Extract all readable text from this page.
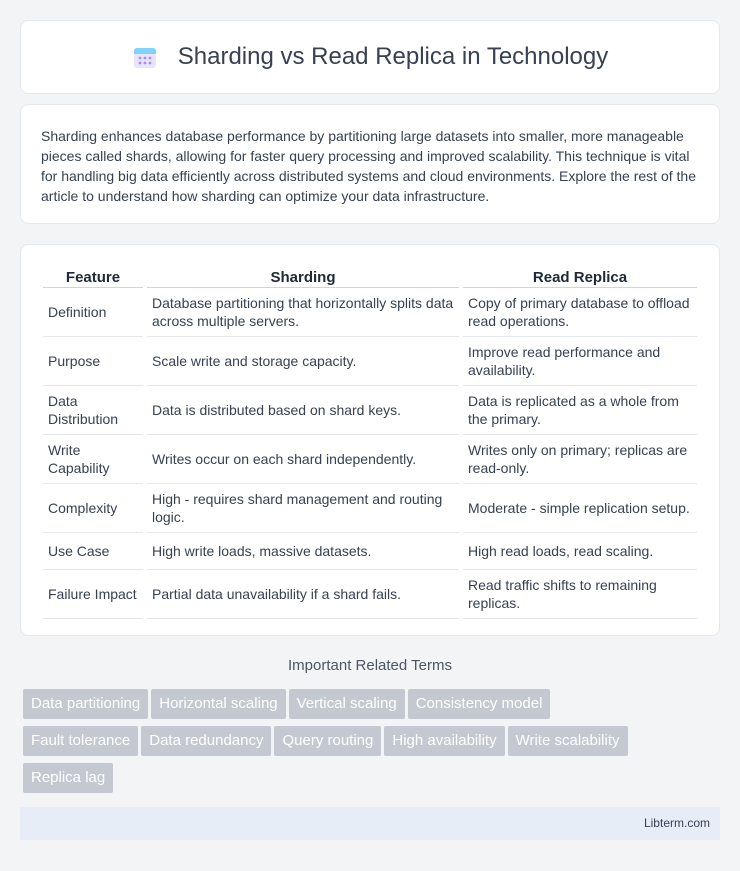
Sharding vs Read Replica in Technology

Sharding enhances database performance by partitioning large datasets into smaller, more manageable pieces called shards, allowing for faster query processing and improved scalability. This technique is vital for handling big data efficiently across distributed systems and cloud environments. Explore the rest of the article to understand how sharding can optimize your data infrastructure.

Feature	Sharding	Read Replica
Definition	Database partitioning that horizontally splits data across multiple servers.	Copy of primary database to offload read operations.
Purpose	Scale write and storage capacity.	Improve read performance and availability.
Data Distribution	Data is distributed based on shard keys.	Data is replicated as a whole from the primary.
Write Capability	Writes occur on each shard independently.	Writes only on primary; replicas are read-only.
Complexity	High - requires shard management and routing logic.	Moderate - simple replication setup.
Use Case	High write loads, massive datasets.	High read loads, read scaling.
Failure Impact	Partial data unavailability if a shard fails.	Read traffic shifts to remaining replicas.
Important Related Terms
Data partitioning Horizontal scaling Vertical scaling Consistency model
Fault tolerance Data redundancy Query routing High availability Write scalability
Replica lag
Libterm.com
